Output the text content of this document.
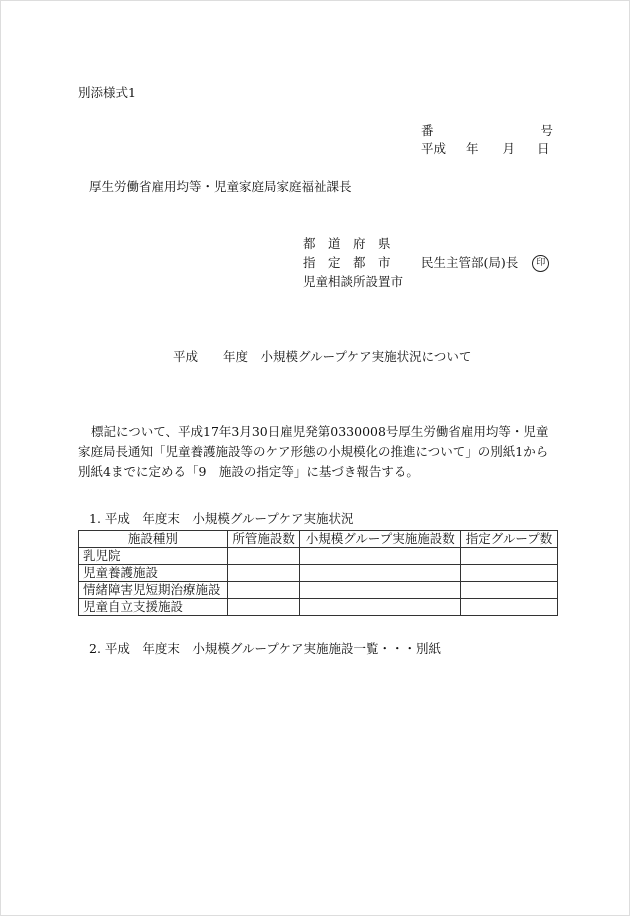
別添様式1
番	号
平成 年 月 日
厚生労働省雇用均等・児童家庭局家庭福祉課長
都　道　府　県
指　定　都　市	民生主管部(局)長	印
児童相談所設置市
平成　　年度　小規模グループケア実施状況について
標記について、平成17年3月30日雇児発第0330008号厚生労働省雇用均等・児童家庭局長通知「児童養護施設等のケア形態の小規模化の推進について」の別紙1から別紙4までに定める「9　施設の指定等」に基づき報告する。
1. 平成　年度末　小規模グループケア実施状況
施設種別	所管施設数	小規模グループ実施施設数	指定グループ数
乳児院			
児童養護施設			
情緒障害児短期治療施設			
児童自立支援施設			
2. 平成　年度末　小規模グループケア実施施設一覧・・・別紙
